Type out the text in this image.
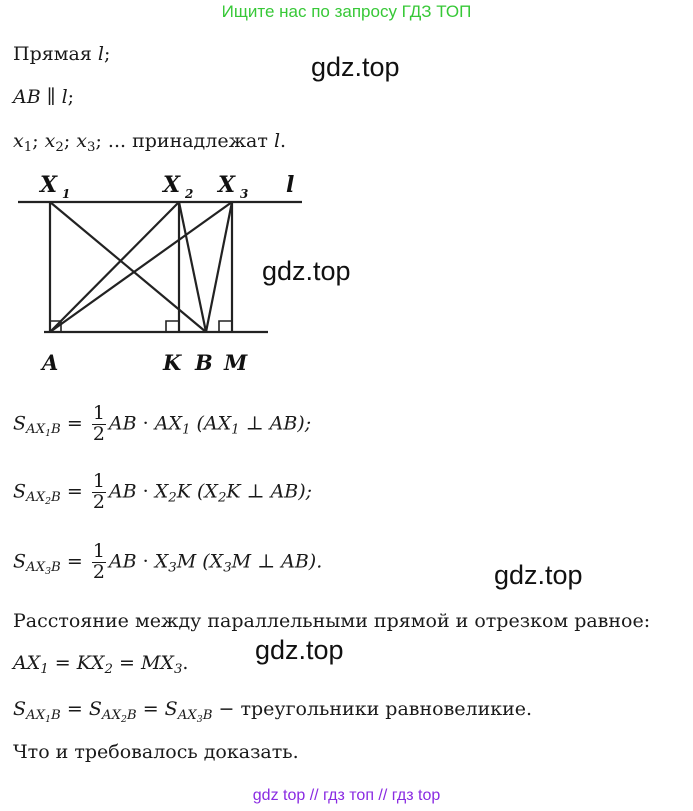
Ищите нас по запросу ГДЗ ТОП
gdz.top
gdz.top
gdz.top
gdz.top
Прямая l;
AB ∥ l;
$x_1$; $x_2$; $x_3$; ... принадлежат l.
X 1	X 2 X 3 l
A	K B M
$S_{AX_1B} = \frac{1}{2}$ AB · $AX_1$ ($AX_1$ ⊥ AB);
$S_{AX_2B} = \frac{1}{2}$ AB · $X_2K$ ($X_2K$ ⊥ AB);
$S_{AX_3B} = \frac{1}{2}$ AB · $X_3M$ ($X_3M$ ⊥ AB).
Расстояние между параллельными прямой и отрезком равное:
$AX_1 = KX_2 = MX_3$.
$S_{AX_1B} = S_{AX_2B} = S_{AX_3B}$ − треугольники равновеликие.
Что и требовалось доказать.
gdz top // гдз топ // гдз top
